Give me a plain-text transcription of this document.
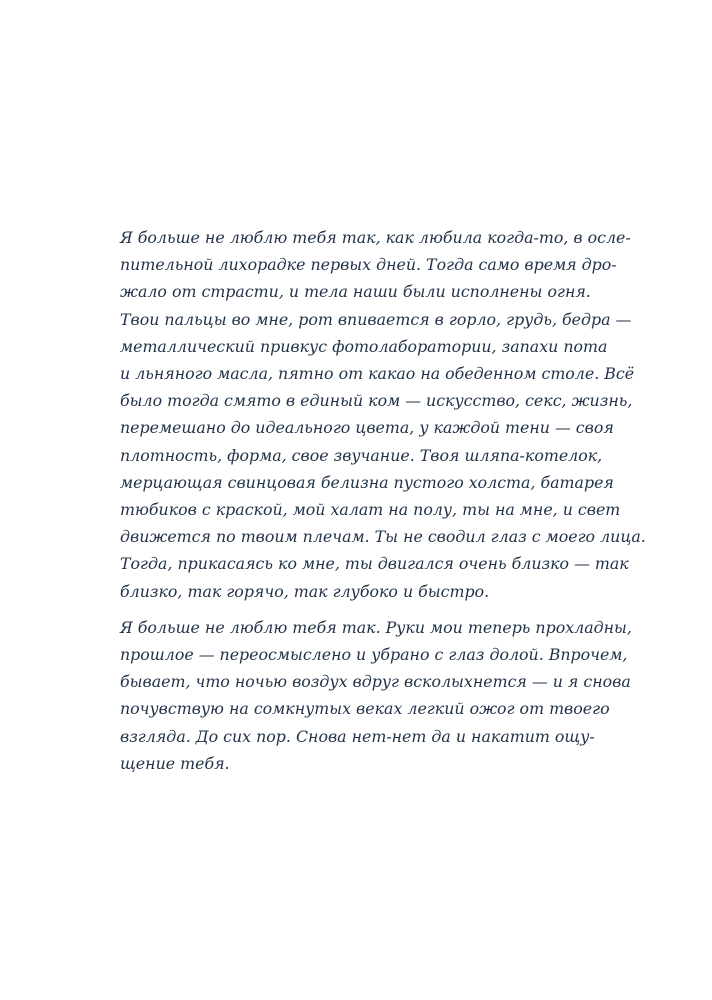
Я больше не люблю тебя так, как любила когда-то, в осле-
пительной лихорадке первых дней. Тогда само время дро-
жало от страсти, и тела наши были исполнены огня.
Твои пальцы во мне, рот впивается в горло, грудь, бедра —
металлический привкус фотолаборатории, запахи пота
и льняного масла, пятно от какао на обеденном столе. Всё
было тогда смято в единый ком — искусство, секс, жизнь,
перемешано до идеального цвета, у каждой тени — своя
плотность, форма, свое звучание. Твоя шляпа-котелок,
мерцающая свинцовая белизна пустого холста, батарея
тюбиков с краской, мой халат на полу, ты на мне, и свет
движется по твоим плечам. Ты не сводил глаз с моего лица.
Тогда, прикасаясь ко мне, ты двигался очень близко — так
близко, так горячо, так глубоко и быстро.

Я больше не люблю тебя так. Руки мои теперь прохладны,
прошлое — переосмыслено и убрано с глаз долой. Впрочем,
бывает, что ночью воздух вдруг всколыхнется — и я снова
почувствую на сомкнутых веках легкий ожог от твоего
взгляда. До сих пор. Снова нет-нет да и накатит ощу-
щение тебя.
